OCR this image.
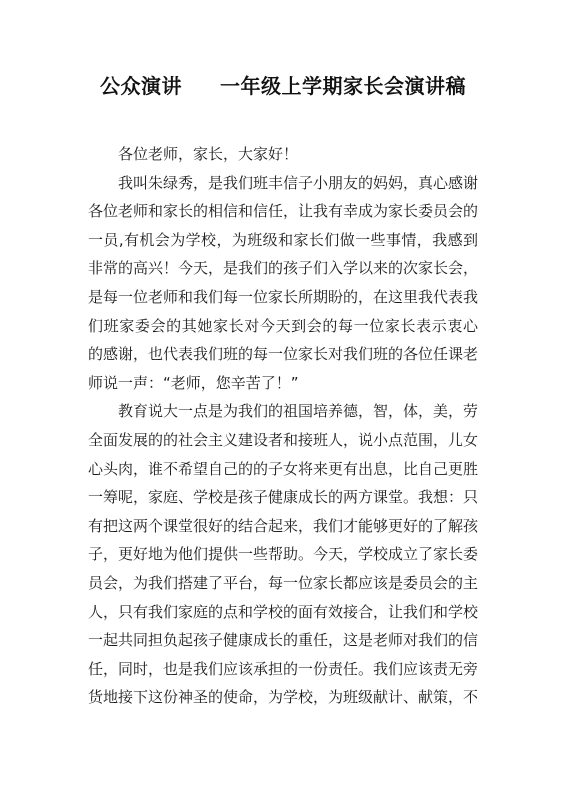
公众演讲 一年级上学期家长会演讲稿
各位老师，家长，大家好！
我叫朱绿秀，是我们班丰信子小朋友的妈妈，真心感谢
各位老师和家长的相信和信任，让我有幸成为家长委员会的
一员,有机会为学校，为班级和家长们做一些事情，我感到
非常的高兴！今天，是我们的孩子们入学以来的次家长会，
是每一位老师和我们每一位家长所期盼的，在这里我代表我
们班家委会的其她家长对今天到会的每一位家长表示衷心
的感谢，也代表我们班的每一位家长对我们班的各位任课老
师说一声：“老师，您辛苦了！”
教育说大一点是为我们的祖国培养德，智，体，美，劳
全面发展的的社会主义建设者和接班人，说小点范围，儿女
心头肉，谁不希望自己的的子女将来更有出息，比自己更胜
一筹呢，家庭、学校是孩子健康成长的两方课堂。我想：只
有把这两个课堂很好的结合起来，我们才能够更好的了解孩
子，更好地为他们提供一些帮助。今天，学校成立了家长委
员会，为我们搭建了平台，每一位家长都应该是委员会的主
人，只有我们家庭的点和学校的面有效接合，让我们和学校
一起共同担负起孩子健康成长的重任，这是老师对我们的信
任，同时，也是我们应该承担的一份责任。我们应该责无旁
货地接下这份神圣的使命，为学校，为班级献计、献策，不
